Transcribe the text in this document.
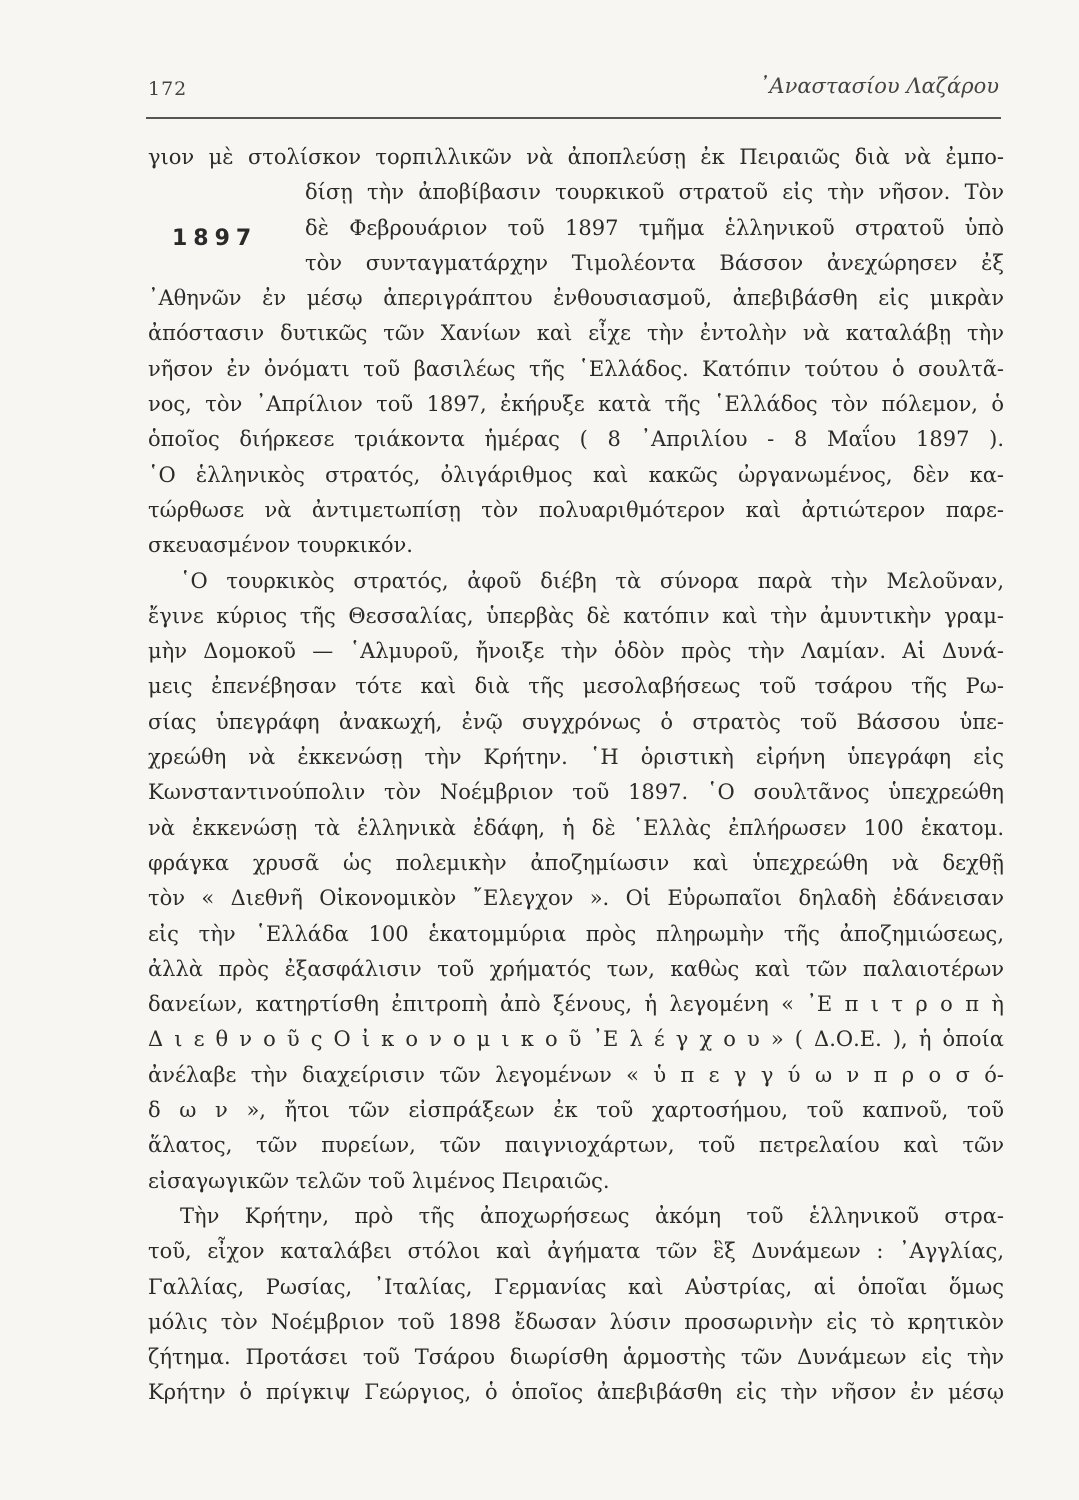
172	᾿Αναστασίου Λαζάρου
1897
γιον μὲ στολίσκον τορπιλλικῶν νὰ ἀποπλεύσῃ ἐκ Πειραιῶς διὰ νὰ ἐμπο-
δίσῃ τὴν ἀποβίβασιν τουρκικοῦ στρατοῦ εἰς τὴν νῆσον. Τὸν
δὲ Φεβρουάριον τοῦ 1897 τμῆμα ἑλληνικοῦ στρατοῦ ὑπὸ
τὸν συνταγματάρχην Τιμολέοντα Βάσσον ἀνεχώρησεν ἐξ
᾿Αθηνῶν ἐν μέσῳ ἀπεριγράπτου ἐνθουσιασμοῦ, ἀπεβιβάσθη εἰς μικρὰν
ἀπόστασιν δυτικῶς τῶν Χανίων καὶ εἶχε τὴν ἐντολὴν νὰ καταλάβῃ τὴν
νῆσον ἐν ὀνόματι τοῦ βασιλέως τῆς ῾Ελλάδος. Κατόπιν τούτου ὁ σουλτᾶ-
νος, τὸν ᾿Απρίλιον τοῦ 1897, ἐκήρυξε κατὰ τῆς ῾Ελλάδος τὸν πόλεμον, ὁ
ὁποῖος διήρκεσε τριάκοντα ἡμέρας ( 8 ᾿Απριλίου - 8 Μαΐου 1897 ).
῾Ο ἑλληνικὸς στρατός, ὀλιγάριθμος καὶ κακῶς ὠργανωμένος, δὲν κα-
τώρθωσε νὰ ἀντιμετωπίσῃ τὸν πολυαριθμότερον καὶ ἀρτιώτερον παρε-
σκευασμένον τουρκικόν.
῾Ο τουρκικὸς στρατός, ἀφοῦ διέβη τὰ σύνορα παρὰ τὴν Μελοῦναν,
ἔγινε κύριος τῆς Θεσσαλίας, ὑπερβὰς δὲ κατόπιν καὶ τὴν ἀμυντικὴν γραμ-
μὴν Δομοκοῦ — ῾Αλμυροῦ, ἤνοιξε τὴν ὁδὸν πρὸς τὴν Λαμίαν. Αἱ Δυνά-
μεις ἐπενέβησαν τότε καὶ διὰ τῆς μεσολαβήσεως τοῦ τσάρου τῆς Ρω-
σίας ὑπεγράφη ἀνακωχή, ἐνῷ συγχρόνως ὁ στρατὸς τοῦ Βάσσου ὑπε-
χρεώθη νὰ ἐκκενώσῃ τὴν Κρήτην. ῾Η ὁριστικὴ εἰρήνη ὑπεγράφη εἰς
Κωνσταντινούπολιν τὸν Νοέμβριον τοῦ 1897. ῾Ο σουλτᾶνος ὑπεχρεώθη
νὰ ἐκκενώσῃ τὰ ἑλληνικὰ ἐδάφη, ἡ δὲ ῾Ελλὰς ἐπλήρωσεν 100 ἑκατομ.
φράγκα χρυσᾶ ὡς πολεμικὴν ἀποζημίωσιν καὶ ὑπεχρεώθη νὰ δεχθῇ
τὸν « Διεθνῆ Οἰκονομικὸν ῎Ελεγχον ». Οἱ Εὐρωπαῖοι δηλαδὴ ἐδάνεισαν
εἰς τὴν ῾Ελλάδα 100 ἑκατομμύρια πρὸς πληρωμὴν τῆς ἀποζημιώσεως,
ἀλλὰ πρὸς ἐξασφάλισιν τοῦ χρήματός των, καθὼς καὶ τῶν παλαιοτέρων
δανείων, κατηρτίσθη ἐπιτροπὴ ἀπὸ ξένους, ἡ λεγομένη « ᾿Ε π ι τ ρ ο π ὴ
Δ ι ε θ ν ο ῦ ς Ο ἰ κ ο ν ο μ ι κ ο ῦ ᾿Ε λ έ γ χ ο υ » ( Δ.Ο.Ε. ), ἡ ὁποία
ἀνέλαβε τὴν διαχείρισιν τῶν λεγομένων « ὑ π ε γ γ ύ ω ν π ρ ο σ ό-
δ ω ν », ἤτοι τῶν εἰσπράξεων ἐκ τοῦ χαρτοσήμου, τοῦ καπνοῦ, τοῦ
ἅλατος, τῶν πυρείων, τῶν παιγνιοχάρτων, τοῦ πετρελαίου καὶ τῶν
εἰσαγωγικῶν τελῶν τοῦ λιμένος Πειραιῶς.
Τὴν Κρήτην, πρὸ τῆς ἀποχωρήσεως ἀκόμη τοῦ ἑλληνικοῦ στρα-
τοῦ, εἶχον καταλάβει στόλοι καὶ ἀγήματα τῶν ἓξ Δυνάμεων : ᾿Αγγλίας,
Γαλλίας, Ρωσίας, ᾿Ιταλίας, Γερμανίας καὶ Αὐστρίας, αἱ ὁποῖαι ὅμως
μόλις τὸν Νοέμβριον τοῦ 1898 ἔδωσαν λύσιν προσωρινὴν εἰς τὸ κρητικὸν
ζήτημα. Προτάσει τοῦ Τσάρου διωρίσθη ἁρμοστὴς τῶν Δυνάμεων εἰς τὴν
Κρήτην ὁ πρίγκιψ Γεώργιος, ὁ ὁποῖος ἀπεβιβάσθη εἰς τὴν νῆσον ἐν μέσῳ
